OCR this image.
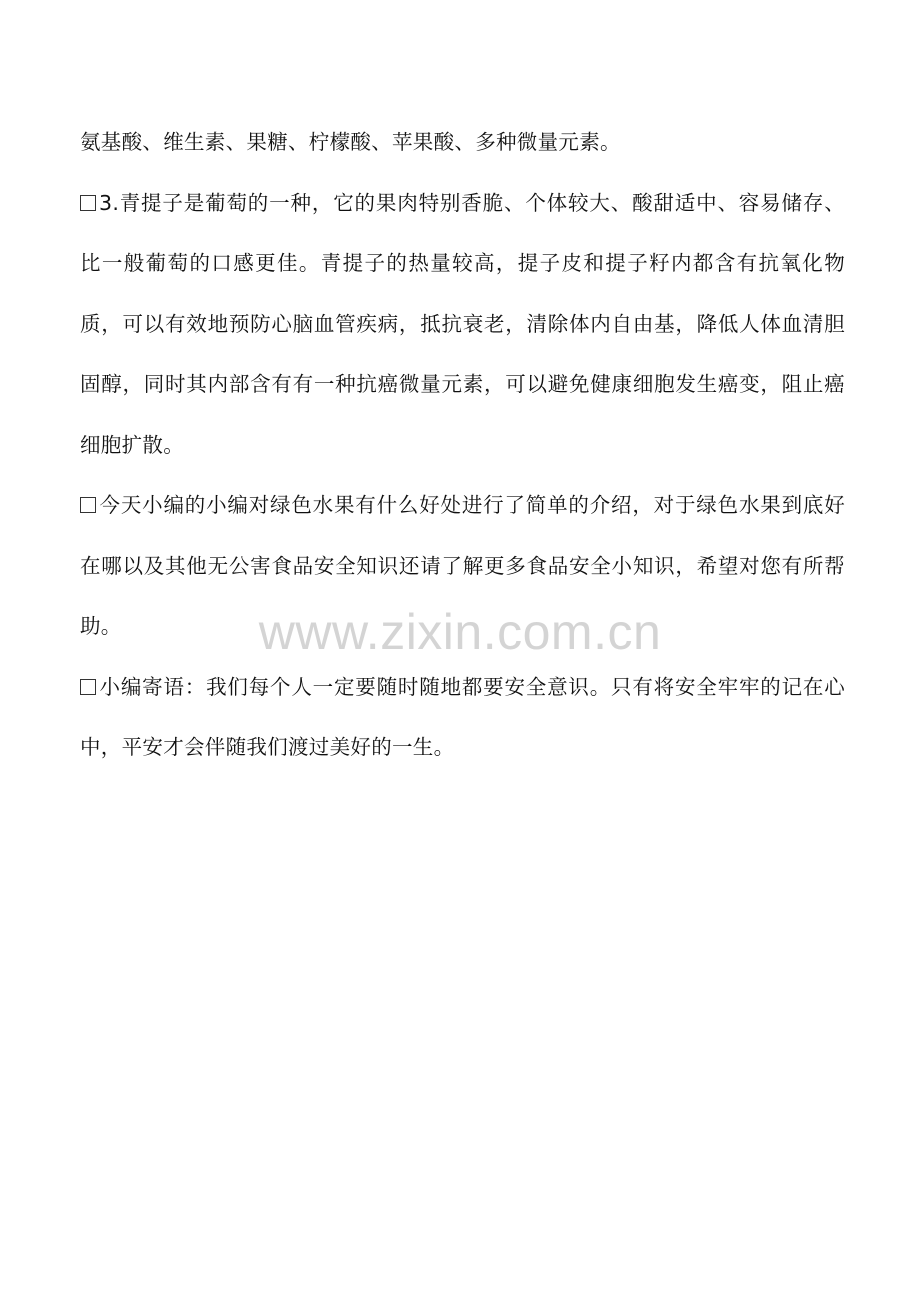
氨基酸、维生素、果糖、柠檬酸、苹果酸、多种微量元素。

3.青提子是葡萄的一种，它的果肉特别香脆、个体较大、酸甜适中、容易储存、比一般葡萄的口感更佳。青提子的热量较高，提子皮和提子籽内都含有抗氧化物质，可以有效地预防心脑血管疾病，抵抗衰老，清除体内自由基，降低人体血清胆固醇，同时其内部含有有一种抗癌微量元素，可以避免健康细胞发生癌变，阻止癌细胞扩散。

今天小编的小编对绿色水果有什么好处进行了简单的介绍，对于绿色水果到底好在哪以及其他无公害食品安全知识还请了解更多食品安全小知识，希望对您有所帮助。

小编寄语：我们每个人一定要随时随地都要安全意识。只有将安全牢牢的记在心中，平安才会伴随我们渡过美好的一生。

www.zixin.com.cn
